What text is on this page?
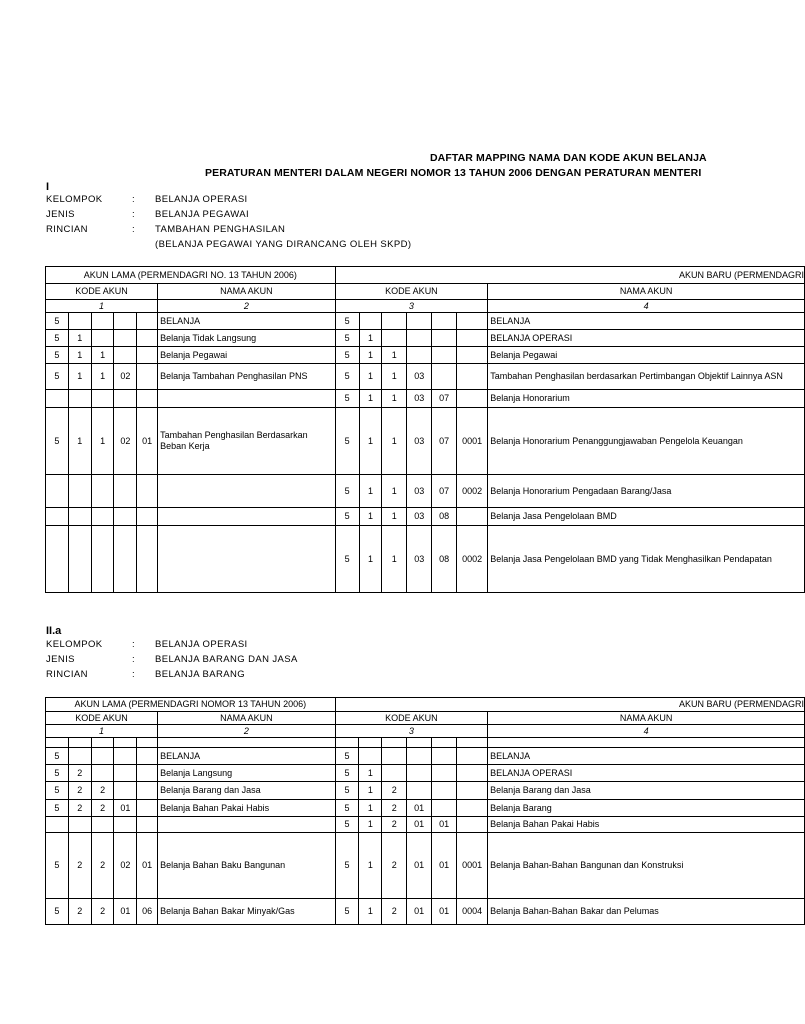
DAFTAR MAPPING NAMA DAN KODE AKUN BELANJA
PERATURAN MENTERI DALAM NEGERI NOMOR 13 TAHUN 2006 DENGAN PERATURAN MENTERI
I
KELOMPOK	: BELANJA OPERASI
JENIS	: BELANJA PEGAWAI
RINCIAN	: TAMBAHAN PENGHASILAN
(BELANJA PEGAWAI YANG DIRANCANG OLEH SKPD)
AKUN LAMA (PERMENDAGRI NO. 13 TAHUN 2006)						AKUN BARU (PERMENDAGRI						
KODE AKUN					NAMA AKUN	KODE AKUN						NAMA AKUN
1					2	3						4
5					BELANJA	5						BELANJA
5	1				Belanja Tidak Langsung	5	1					BELANJA OPERASI
5	1	1			Belanja Pegawai	5	1	1				Belanja Pegawai
5	1	1	02		Belanja Tambahan Penghasilan PNS	5	1	1	03			Tambahan Penghasilan berdasarkan Pertimbangan Objektif Lainnya ASN
						5	1	1	03	07		Belanja Honorarium
5	1	1	02	01	Tambahan Penghasilan Berdasarkan Beban Kerja	5	1	1	03	07	0001	Belanja Honorarium Penanggungjawaban Pengelola Keuangan
						5	1	1	03	07	0002	Belanja Honorarium Pengadaan Barang/Jasa
						5	1	1	03	08		Belanja Jasa Pengelolaan BMD
						5	1	1	03	08	0002	Belanja Jasa Pengelolaan BMD yang Tidak Menghasilkan Pendapatan
II.a
KELOMPOK	: BELANJA OPERASI
JENIS	: BELANJA BARANG DAN JASA
RINCIAN	: BELANJA BARANG
AKUN LAMA (PERMENDAGRI NOMOR 13 TAHUN 2006)						AKUN BARU (PERMENDAGRI						
KODE AKUN					NAMA AKUN	KODE AKUN						NAMA AKUN
1					2	3						4

5					BELANJA	5						BELANJA
5	2				Belanja Langsung	5	1					BELANJA OPERASI
5	2	2			Belanja Barang dan Jasa	5	1	2				Belanja Barang dan Jasa
5	2	2	01		Belanja Bahan Pakai Habis	5	1	2	01			Belanja Barang
						5	1	2	01	01		Belanja Bahan Pakai Habis
5	2	2	02	01	Belanja Bahan Baku Bangunan	5	1	2	01	01	0001	Belanja Bahan-Bahan Bangunan dan Konstruksi
5	2	2	01	06	Belanja Bahan Bakar Minyak/Gas	5	1	2	01	01	0004	Belanja Bahan-Bahan Bakar dan Pelumas
